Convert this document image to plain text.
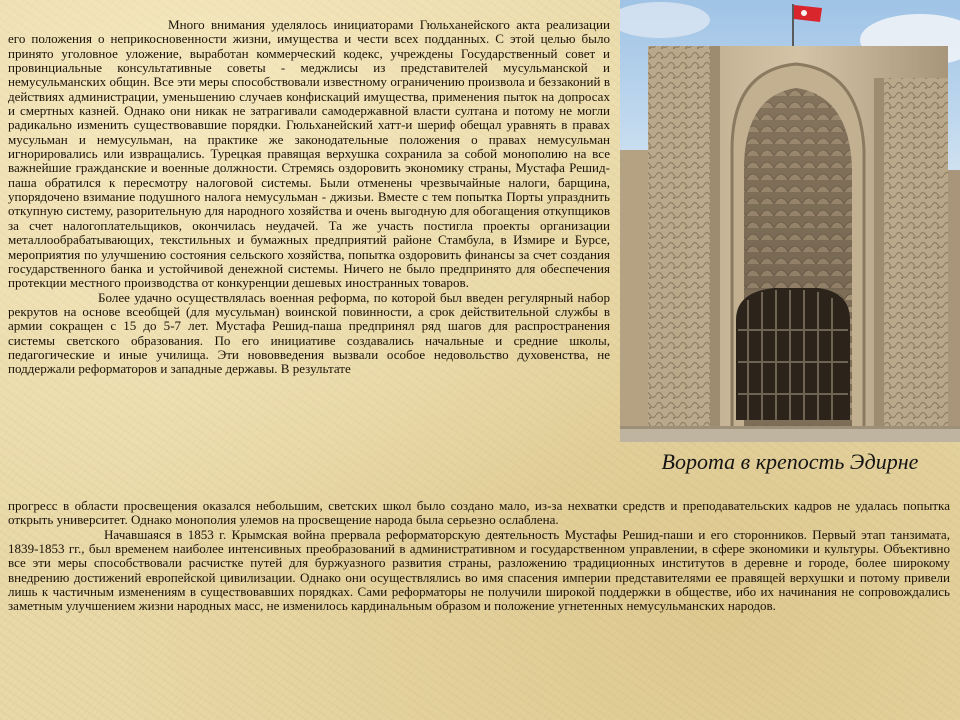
Много внимания уделялось инициаторами Гюльханейского акта реализации его положения о неприкосновенности жизни, имущества и чести всех подданных. С этой целью было принято уголовное уложение, выработан коммерческий кодекс, учреждены Государственный совет и провинциальные консультативные советы - меджлисы из представителей мусульманской и немусульманских общин. Все эти меры способствовали известному ограничению произвола и беззаконий в действиях администрации, уменьшению случаев конфискаций имущества, применения пыток на допросах и смертных казней. Однако они никак не затрагивали самодержавной власти султана и потому не могли радикально изменить существовавшие порядки. Гюльханейский хатт-и шериф обещал уравнять в правах мусульман и немусульман, на практике же законодательные положения о правах немусульман игнорировались или извращались. Турецкая правящая верхушка сохранила за собой монополию на все важнейшие гражданские и военные должности. Стремясь оздоровить экономику страны, Мустафа Решид-паша обратился к пересмотру налоговой системы. Были отменены чрезвычайные налоги, барщина, упорядочено взимание подушного налога немусульман - джизьи. Вместе с тем попытка Порты упразднить откупную систему, разорительную для народного хозяйства и очень выгодную для обогащения откупщиков за счет налогоплательщиков, окончилась неудачей. Та же участь постигла проекты организации металлообрабатывающих, текстильных и бумажных предприятий районе Стамбула, в Измире и Бурсе, мероприятия по улучшению состояния сельского хозяйства, попытка оздоровить финансы за счет создания государственного банка и устойчивой денежной системы. Ничего не было предпринято для обеспечения протекции местного производства от конкуренции дешевых иностранных товаров.

Более удачно осуществлялась военная реформа, по которой был введен регулярный набор рекрутов на основе всеобщей (для мусульман) воинской повинности, а срок действительной службы в армии сокращен с 15 до 5-7 лет. Мустафа Решид-паша предпринял ряд шагов для распространения системы светского образования. По его инициативе создавались начальные и средние школы, педагогические и иные училища. Эти нововведения вызвали особое недовольство духовенства, не поддержали реформаторов и западные державы. В результате

Ворота в крепость Эдирне

прогресс в области просвещения оказался небольшим, светских школ было создано мало, из-за нехватки средств и преподавательских кадров не удалась попытка открыть университет. Однако монополия улемов на просвещение народа была серьезно ослаблена.

Начавшаяся в 1853 г. Крымская война прервала реформаторскую деятельность Мустафы Решид-паши и его сторонников. Первый этап танзимата, 1839-1853 гг., был временем наиболее интенсивных преобразований в административном и государственном управлении, в сфере экономики и культуры. Объективно все эти меры способствовали расчистке путей для буржуазного развития страны, разложению традиционных институтов в деревне и городе, более широкому внедрению достижений европейской цивилизации. Однако они осуществлялись во имя спасения империи представителями ее правящей верхушки и потому привели лишь к частичным изменениям в существовавших порядках. Сами реформаторы не получили широкой поддержки в обществе, ибо их начинания не сопровождались заметным улучшением жизни народных масс, не изменилось кардинальным образом и положение угнетенных немусульманских народов.
